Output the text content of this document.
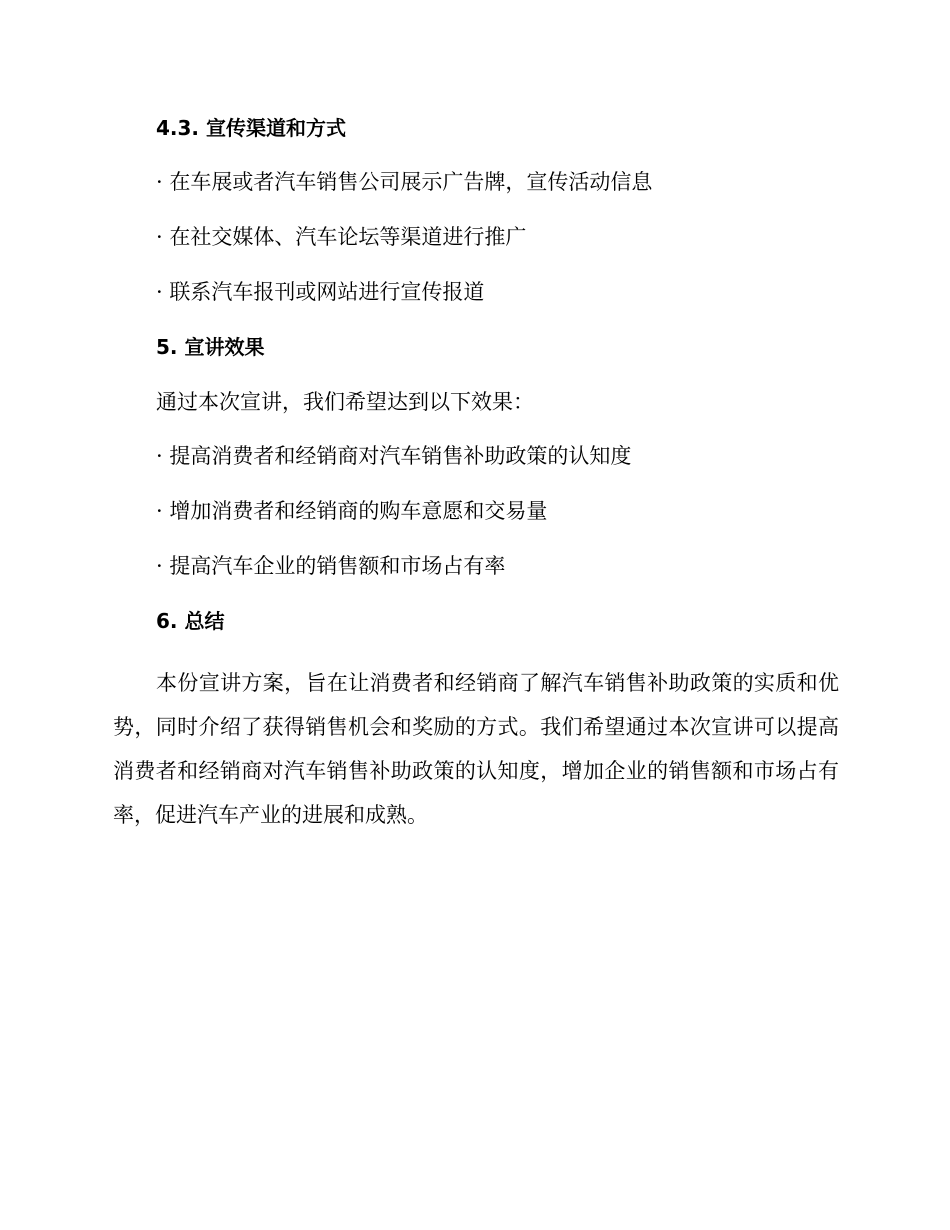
4.3. 宣传渠道和方式
· 在车展或者汽车销售公司展示广告牌，宣传活动信息
· 在社交媒体、汽车论坛等渠道进行推广
· 联系汽车报刊或网站进行宣传报道
5. 宣讲效果
通过本次宣讲，我们希望达到以下效果：
· 提高消费者和经销商对汽车销售补助政策的认知度
· 增加消费者和经销商的购车意愿和交易量
· 提高汽车企业的销售额和市场占有率
6. 总结

本份宣讲方案，旨在让消费者和经销商了解汽车销售补助政策的实质和优势，同时介绍了获得销售机会和奖励的方式。我们希望通过本次宣讲可以提高消费者和经销商对汽车销售补助政策的认知度，增加企业的销售额和市场占有率，促进汽车产业的进展和成熟。
